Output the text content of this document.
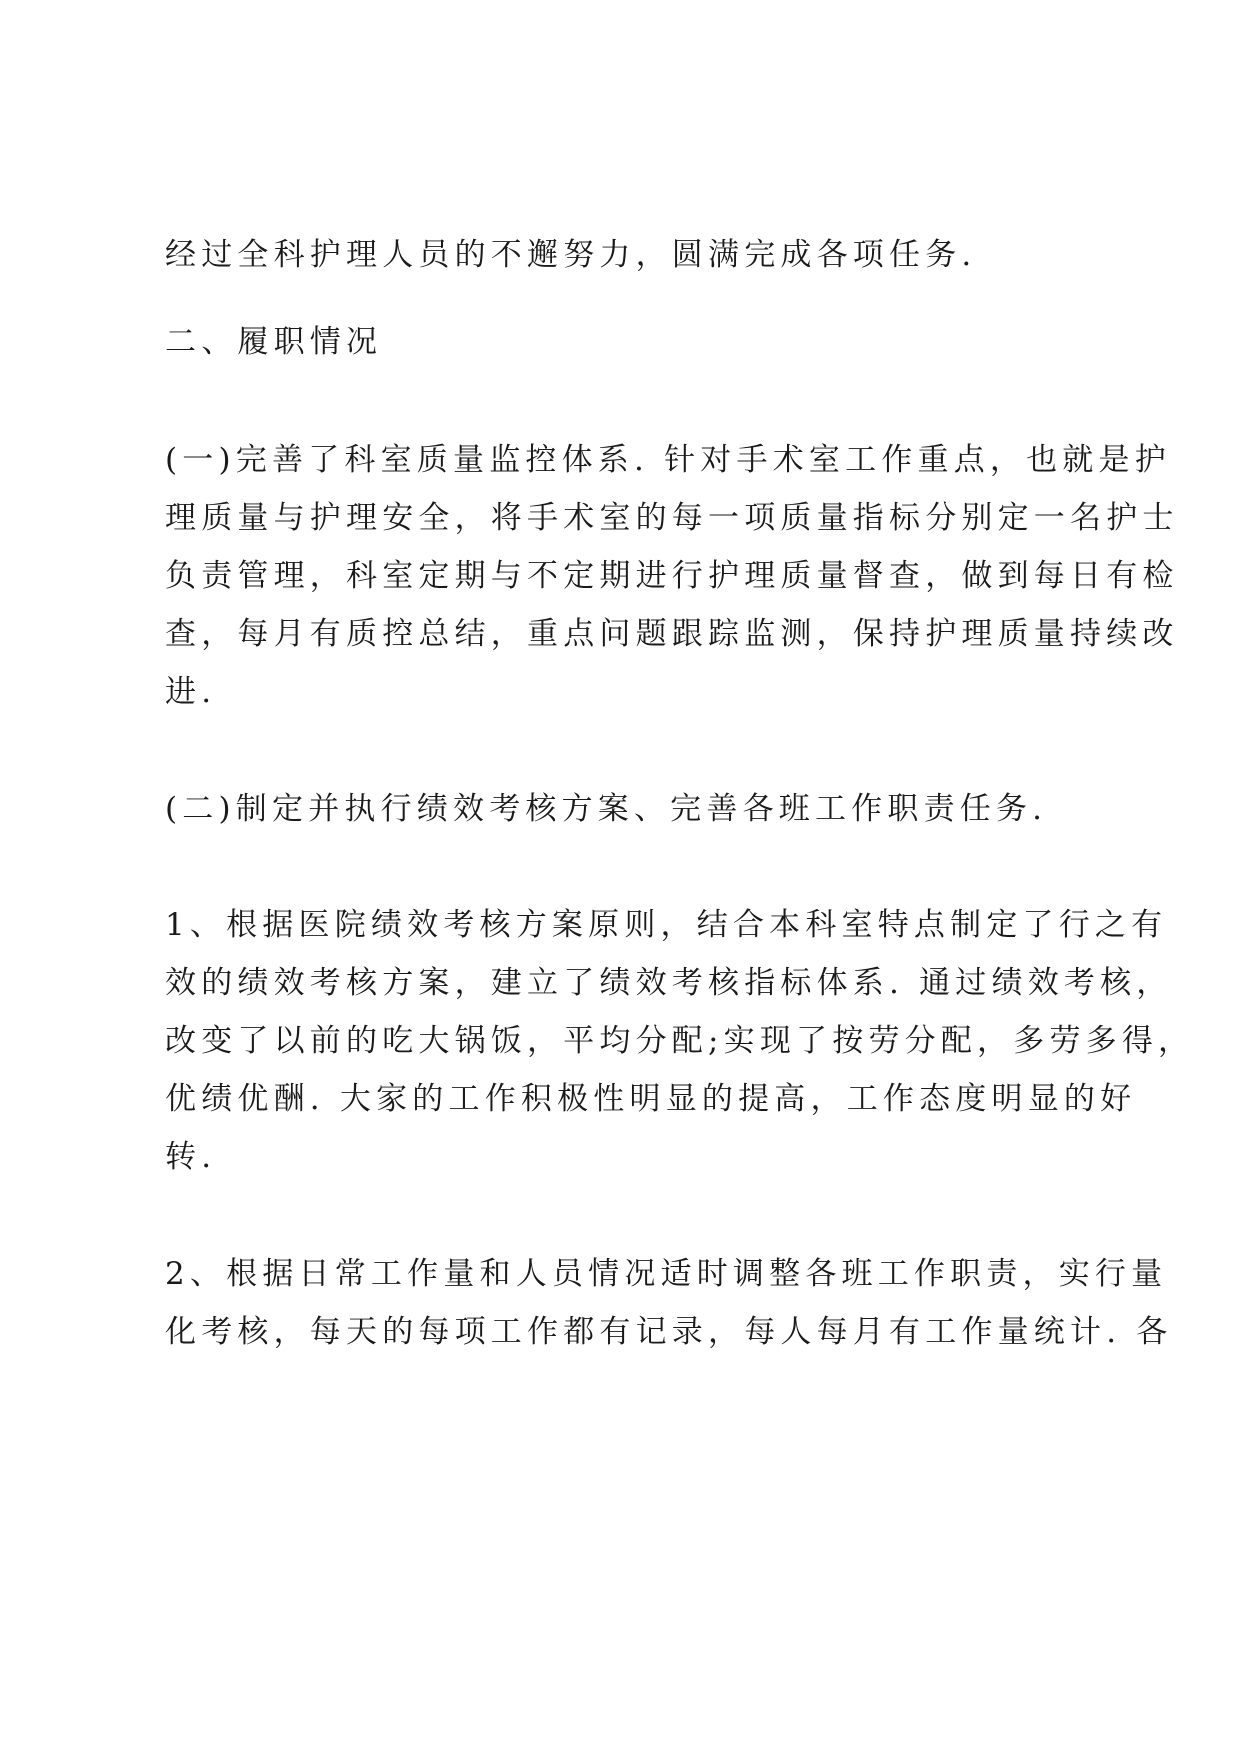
经过全科护理人员的不邂努力，圆满完成各项任务.
二、履职情况
(一)完善了科室质量监控体系. 针对手术室工作重点，也就是护
理质量与护理安全，将手术室的每一项质量指标分别定一名护士
负责管理，科室定期与不定期进行护理质量督查，做到每日有检
查，每月有质控总结，重点问题跟踪监测，保持护理质量持续改
进.
(二)制定并执行绩效考核方案、完善各班工作职责任务.
1、根据医院绩效考核方案原则，结合本科室特点制定了行之有
效的绩效考核方案，建立了绩效考核指标体系. 通过绩效考核，
改变了以前的吃大锅饭，平均分配;实现了按劳分配，多劳多得，
优绩优酬. 大家的工作积极性明显的提高，工作态度明显的好
转.
2、根据日常工作量和人员情况适时调整各班工作职责，实行量
化考核，每天的每项工作都有记录，每人每月有工作量统计. 各
